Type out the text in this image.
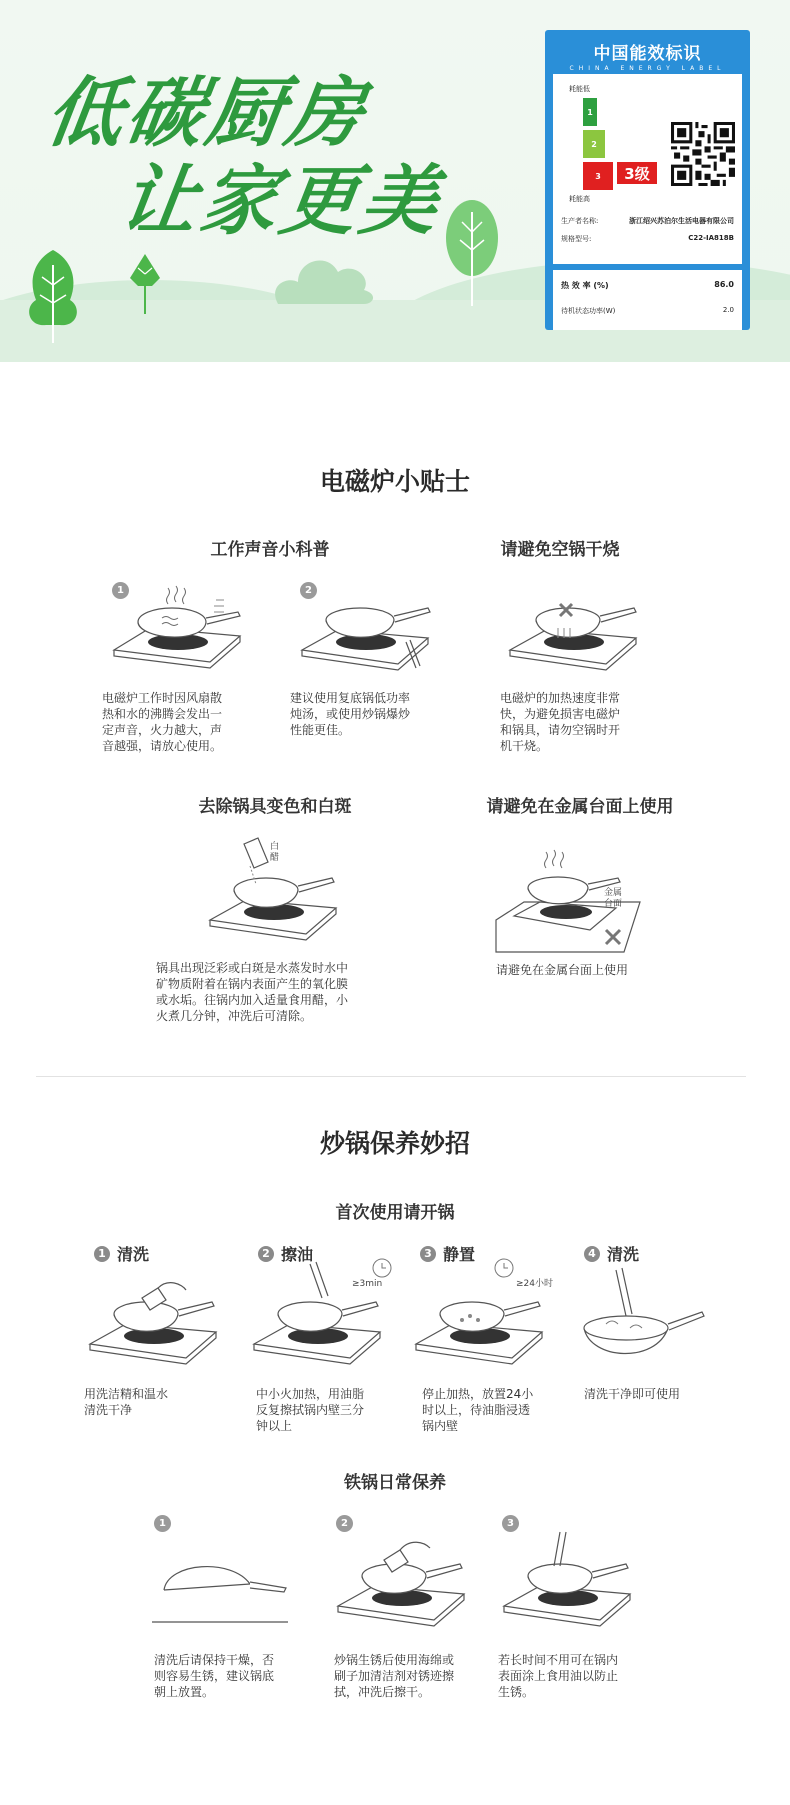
低碳厨房
让家更美
中国能效标识
CHINA ENERGY LABEL
耗能低
1
2
3	3级
耗能高
生产者名称:	浙江绍兴苏泊尔生活电器有限公司
规格型号:	C22-IA818B
热 效 率 (%)	86.0
待机状态功率(W)	2.0
依据国家标准: GB 21456-2014
电磁炉小贴士
工作声音小科普	请避免空锅干烧
1	2
电磁炉工作时因风扇散
热和水的沸腾会发出一
定声音，火力越大，声
音越强，请放心使用。
建议使用复底锅低功率
炖汤，或使用炒锅爆炒
性能更佳。
电磁炉的加热速度非常
快，为避免损害电磁炉
和锅具，请勿空锅时开
机干烧。
去除锅具变色和白斑	请避免在金属台面上使用
白醋
金属台面
锅具出现泛彩或白斑是水蒸发时水中
矿物质附着在锅内表面产生的氧化膜
或水垢。往锅内加入适量食用醋，小
火煮几分钟，冲洗后可清除。
请避免在金属台面上使用
炒锅保养妙招
首次使用请开锅
1 清洗	2 擦油	3 静置	4 清洗
≥3min	≥24小时
用洗洁精和温水
清洗干净
中小火加热，用油脂
反复擦拭锅内壁三分
钟以上
停止加热，放置24小
时以上，待油脂浸透
锅内壁
清洗干净即可使用
铁锅日常保养
1	2	3
清洗后请保持干燥，否
则容易生锈，建议锅底
朝上放置。
炒锅生锈后使用海绵或
刷子加清洁剂对锈迹擦
拭，冲洗后擦干。
若长时间不用可在锅内
表面涂上食用油以防止
生锈。
